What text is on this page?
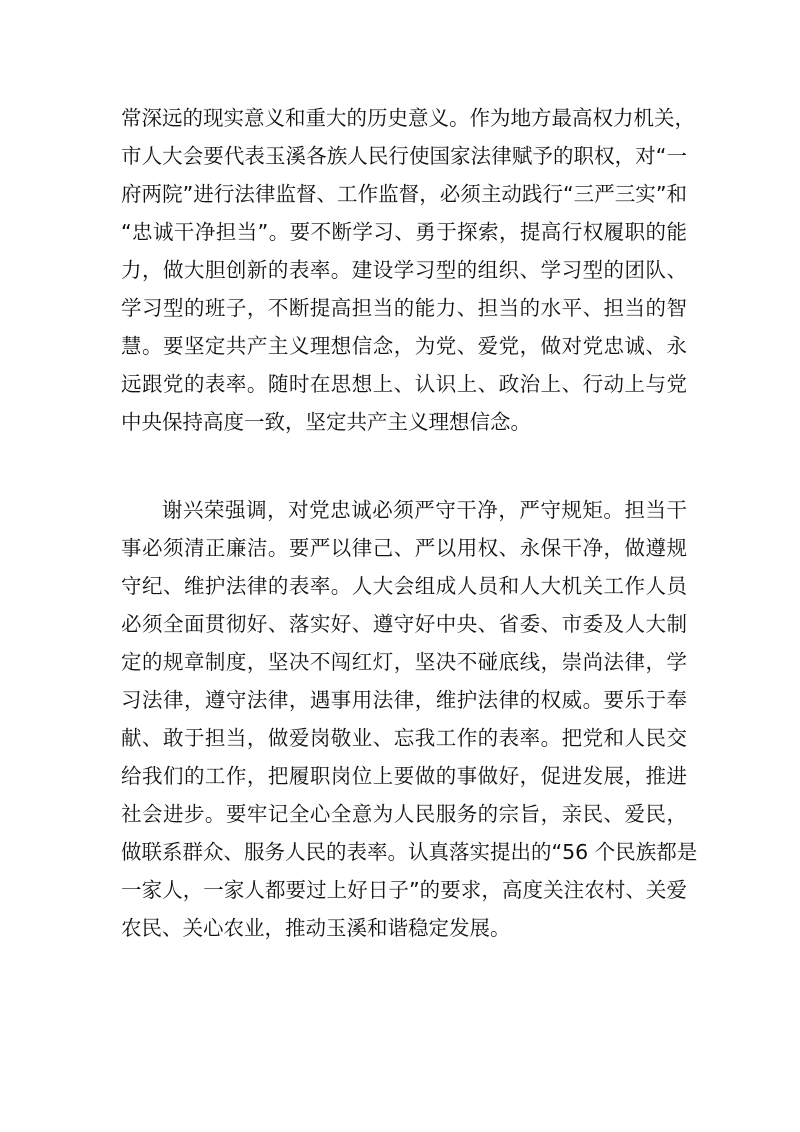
常深远的现实意义和重大的历史意义。作为地方最高权力机关，
市人大会要代表玉溪各族人民行使国家法律赋予的职权，对“一
府两院”进行法律监督、工作监督，必须主动践行“三严三实”和
“忠诚干净担当”。要不断学习、勇于探索，提高行权履职的能
力，做大胆创新的表率。建设学习型的组织、学习型的团队、
学习型的班子，不断提高担当的能力、担当的水平、担当的智
慧。要坚定共产主义理想信念，为党、爱党，做对党忠诚、永
远跟党的表率。随时在思想上、认识上、政治上、行动上与党
中央保持高度一致，坚定共产主义理想信念。
谢兴荣强调，对党忠诚必须严守干净，严守规矩。担当干
事必须清正廉洁。要严以律己、严以用权、永保干净，做遵规
守纪、维护法律的表率。人大会组成人员和人大机关工作人员
必须全面贯彻好、落实好、遵守好中央、省委、市委及人大制
定的规章制度，坚决不闯红灯，坚决不碰底线，崇尚法律，学
习法律，遵守法律，遇事用法律，维护法律的权威。要乐于奉
献、敢于担当，做爱岗敬业、忘我工作的表率。把党和人民交
给我们的工作，把履职岗位上要做的事做好，促进发展，推进
社会进步。要牢记全心全意为人民服务的宗旨，亲民、爱民，
做联系群众、服务人民的表率。认真落实提出的“56 个民族都是
一家人，一家人都要过上好日子”的要求，高度关注农村、关爱
农民、关心农业，推动玉溪和谐稳定发展。
